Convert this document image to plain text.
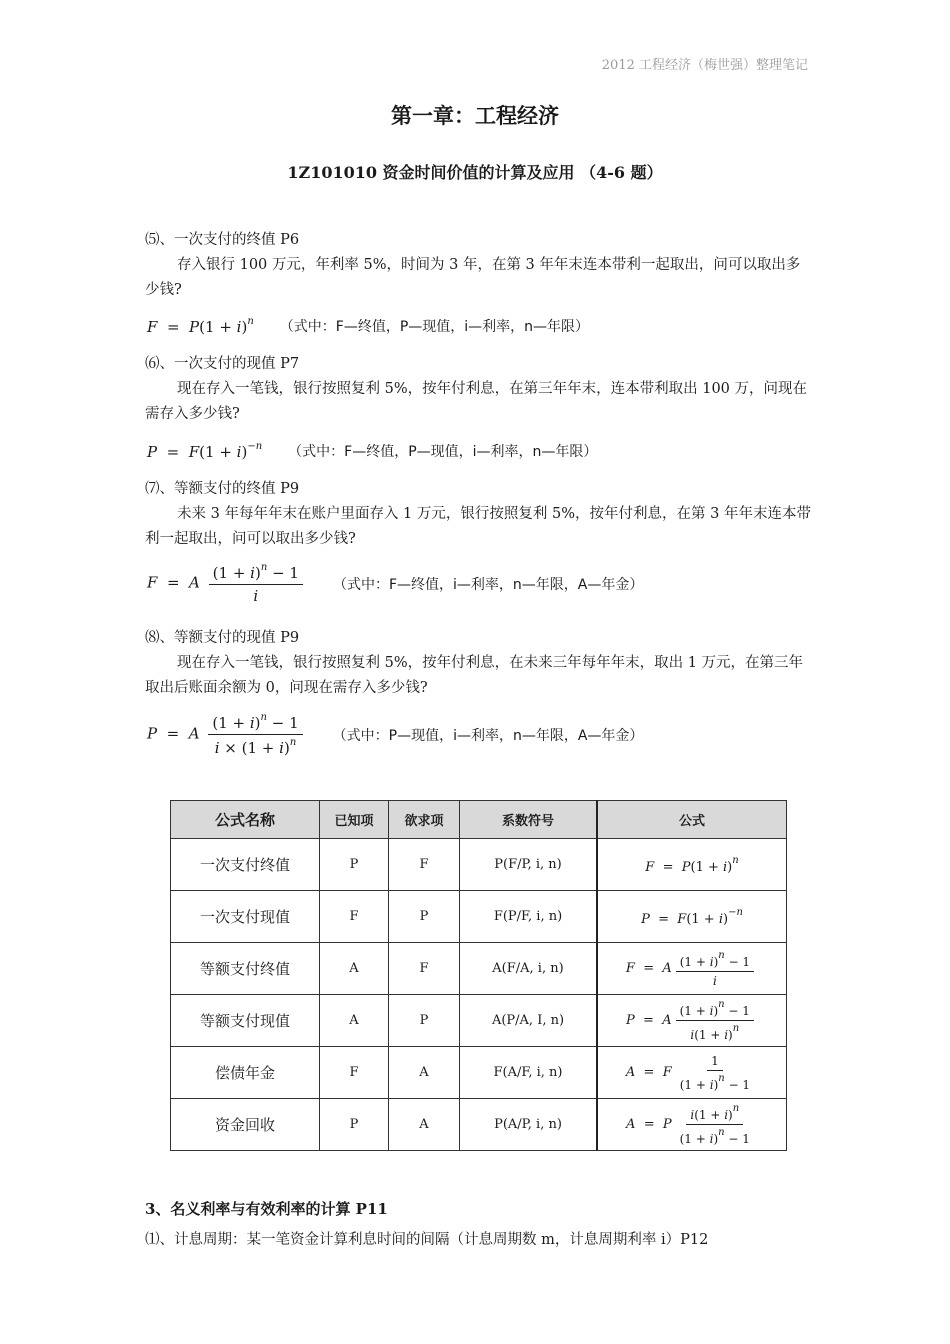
2012 工程经济（梅世强）整理笔记
第一章：工程经济
1Z101010 资金时间价值的计算及应用 （4-6 题）
⑸、一次支付的终值 P6
存入银行 100 万元，年利率 5%，时间为 3 年，在第 3 年年末连本带利一起取出，问可以取出多少钱?
$F = P(1 + i)^n$ （式中：F—终值，P—现值，i—利率，n—年限）
⑹、一次支付的现值 P7
现在存入一笔钱，银行按照复利 5%，按年付利息，在第三年年末，连本带利取出 100 万，问现在需存入多少钱?
$P = F(1 + i)^{-n}$ （式中：F—终值，P—现值，i—利率，n—年限）
⑺、等额支付的终值 P9
未来 3 年每年年末在账户里面存入 1 万元，银行按照复利 5%，按年付利息，在第 3 年年末连本带利一起取出，问可以取出多少钱?
F  =  A $\frac{(1 + i)^n - 1}{i}$ （式中：F—终值，i—利率，n—年限，A—年金）
⑻、等额支付的现值 P9
现在存入一笔钱，银行按照复利 5%，按年付利息，在未来三年每年年末，取出 1 万元，在第三年取出后账面余额为 0，问现在需存入多少钱?
P  =  A $\frac{(1 + i)^n - 1}{i \times (1 + i)^n}$ （式中：P—现值，i—利率，n—年限，A—年金）
公式名称	已知项	欲求项	系数符号	公式
一次支付终值	P	F	P(F/P, i, n)	$F = P(1 + i)^n$
一次支付现值	F	P	F(P/F, i, n)	$P = F(1 + i)^{-n}$
等额支付终值	A	F	A(F/A, i, n)	F  =  A $\frac{(1 + i)^n - 1}{i}$

等额支付现值	A	P	A(P/A, I, n)	P  =  A $\frac{(1 + i)^n - 1}{i(1 + i)^n}$

偿债年金	F	A	F(A/F, i, n)	A  =  F $\frac{1}{(1 + i)^n - 1}$

资金回收	P	A	P(A/P, i, n)	A  =  P $\frac{i(1 + i)^n}{(1 + i)^n - 1}$
3、名义利率与有效利率的计算 P11
⑴、计息周期：某一笔资金计算利息时间的间隔（计息周期数 m，计息周期利率 i）P12
